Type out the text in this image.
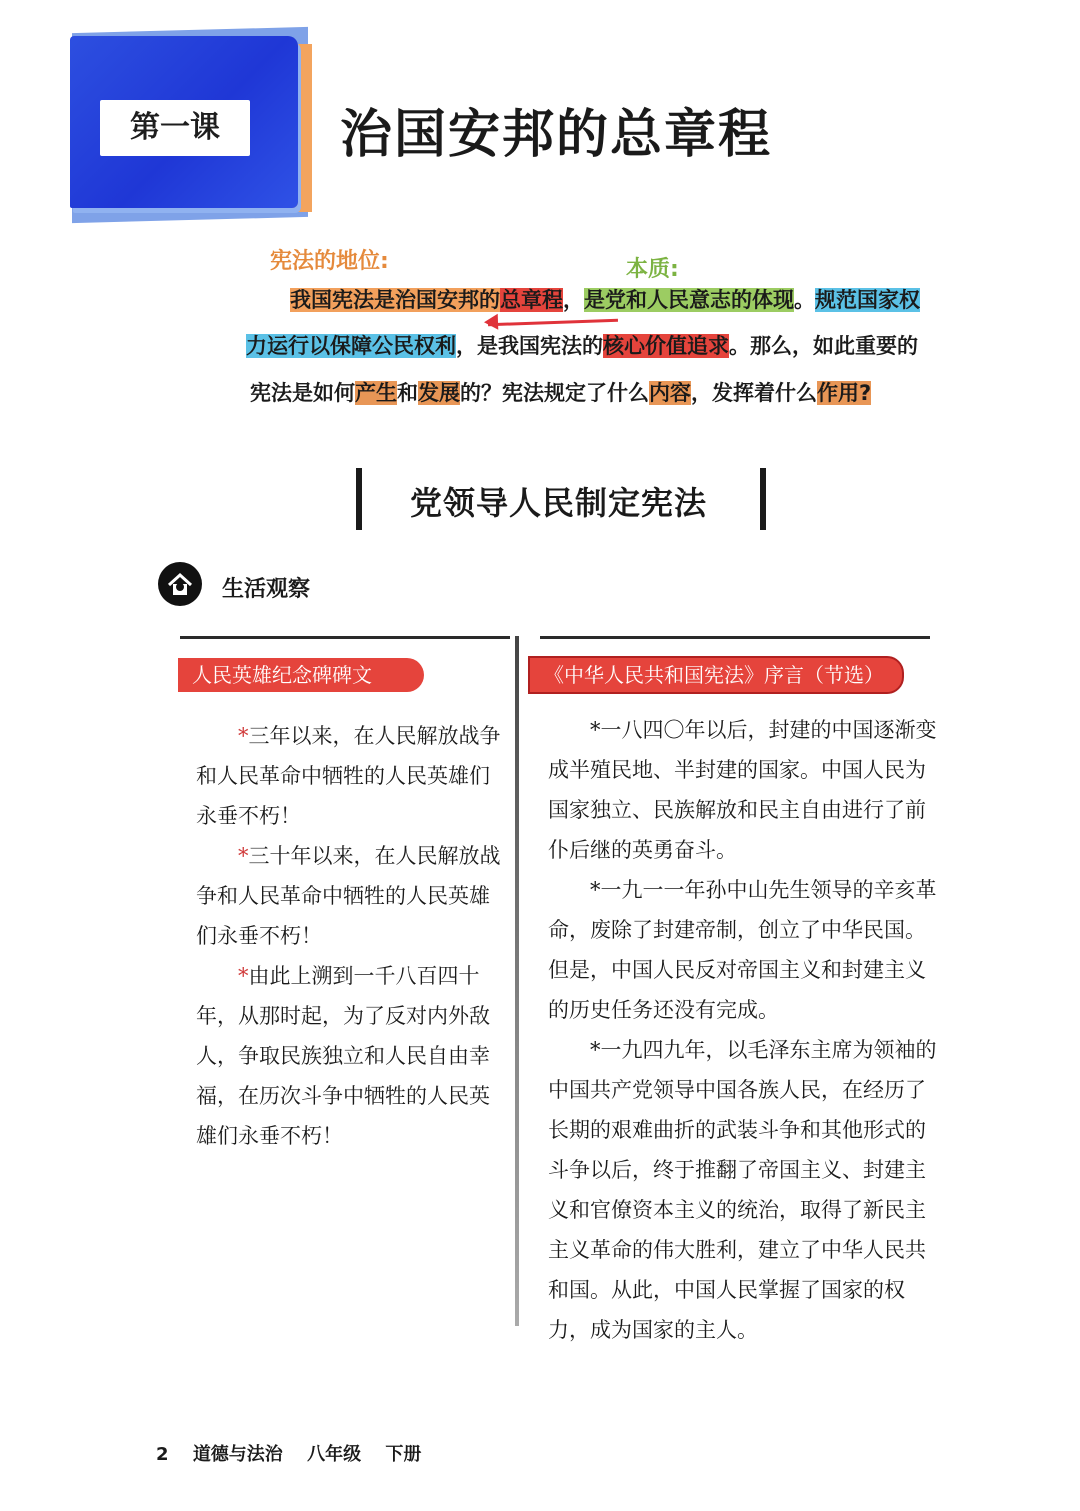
第一课	治国安邦的总章程
宪法的地位:	本质:
我国宪法是治国安邦的总章程，是党和人民意志的体现。规范国家权
力运行以保障公民权利，是我国宪法的核心价值追求。那么，如此重要的
宪法是如何产生和发展的？宪法规定了什么内容，发挥着什么作用?
党领导人民制定宪法
生活观察
人民英雄纪念碑碑文

*三年以来，在人民解放战争和人民革命中牺牲的人民英雄们永垂不朽！

*三十年以来，在人民解放战争和人民革命中牺牲的人民英雄们永垂不朽！

*由此上溯到一千八百四十年，从那时起，为了反对内外敌人，争取民族独立和人民自由幸福，在历次斗争中牺牲的人民英雄们永垂不朽！

《中华人民共和国宪法》序言（节选）

*一八四〇年以后，封建的中国逐渐变成半殖民地、半封建的国家。中国人民为国家独立、民族解放和民主自由进行了前仆后继的英勇奋斗。

*一九一一年孙中山先生领导的辛亥革命，废除了封建帝制，创立了中华民国。但是，中国人民反对帝国主义和封建主义的历史任务还没有完成。

*一九四九年，以毛泽东主席为领袖的中国共产党领导中国各族人民，在经历了长期的艰难曲折的武装斗争和其他形式的斗争以后，终于推翻了帝国主义、封建主义和官僚资本主义的统治，取得了新民主主义革命的伟大胜利，建立了中华人民共和国。从此，中国人民掌握了国家的权力，成为国家的主人。

2 道德与法治 八年级 下册
